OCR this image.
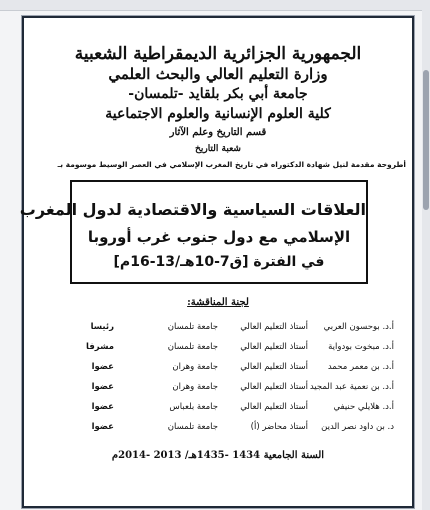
الجمهورية الجزائرية الديمقراطية الشعبية
وزارة التعليم العالي والبحث العلمي
جامعة أبي بكر بلقايد -تلمسان-
كلية العلوم الإنسانية والعلوم الاجتماعية
قسم التاريخ وعلم الآثار
شعبة التاريخ
أطروحة مقدمة لنيل شهادة الدكتوراه في تاريخ المغرب الإسلامي في العصر الوسيط موسومة بـ
العلاقات السياسية والاقتصادية لدول المغرب
الإسلامي مع دول جنوب غرب أوروبا
في الفترة [ق7-10هـ/13-16م]
لجنة المناقشة:
أ.د. بوحسون العربي
أستاذ التعليم العالي
جامعة تلمسان
رئيسا
أ.د. مبخوت بودواية
أستاذ التعليم العالي
جامعة تلمسان
مشرفا
أ.د. بن معمر محمد
أستاذ التعليم العالي
جامعة وهران
عضوا
أ.د. بن نعمية عبد المجيد
أستاذ التعليم العالي
جامعة وهران
عضوا
أ.د. هلايلي حنيفي
أستاذ التعليم العالي
جامعة بلعباس
عضوا
د. بن داود نصر الدين
أستاذ محاضر (أ)
جامعة تلمسان
عضوا
السنة الجامعية 1434 -1435هـ/ 2013 -2014م
